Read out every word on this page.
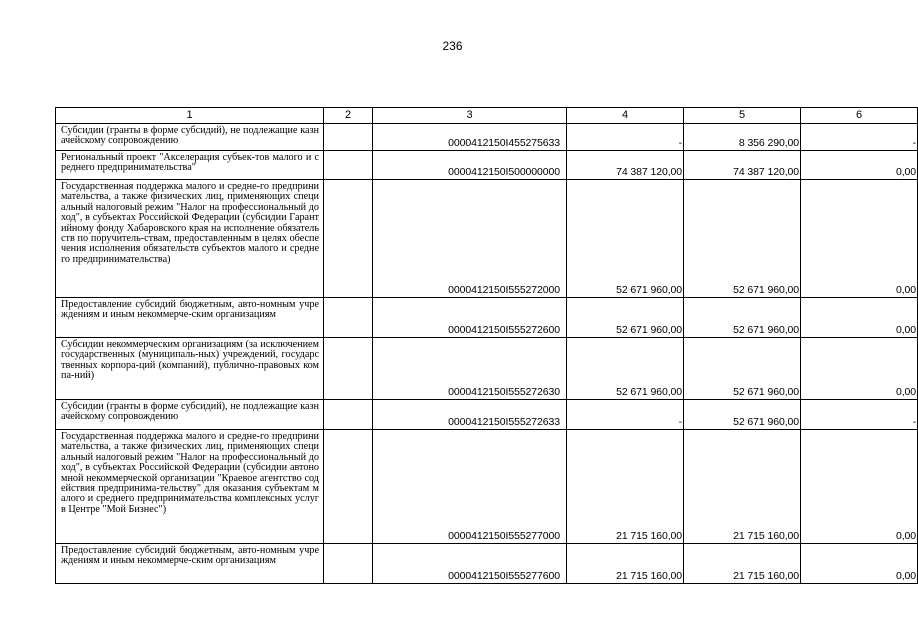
236
1	2	3	4	5	6
Субсидии (гранты в форме субсидий), не подлежащие казначейскому сопровождению		0000412150I455275633	-	8 356 290,00	-
Региональный проект "Акселерация субъек-тов малого и среднего предпринимательства"		0000412150I500000000	74 387 120,00	74 387 120,00	0,00
Государственная поддержка малого и средне-го предпринимательства, а также физических лиц, применяющих специальный налоговый режим "Налог на профессиональный доход", в субъектах Российской Федерации (субсидии Гарантийному фонду Хабаровского края на исполнение обязательств по поручитель-ствам, предоставленным в целях обеспечения исполнения обязательств субъектов малого и среднего предпринимательства)		0000412150I555272000	52 671 960,00	52 671 960,00	0,00
Предоставление субсидий бюджетным, авто-номным учреждениям и иным некоммерче-ским организациям		0000412150I555272600	52 671 960,00	52 671 960,00	0,00
Субсидии некоммерческим организациям (за исключением государственных (муниципаль-ных) учреждений, государственных корпора-ций (компаний), публично-правовых компа-ний)		0000412150I555272630	52 671 960,00	52 671 960,00	0,00
Субсидии (гранты в форме субсидий), не подлежащие казначейскому сопровождению		0000412150I555272633	-	52 671 960,00	-
Государственная поддержка малого и средне-го предпринимательства, а также физических лиц, применяющих специальный налоговый режим "Налог на профессиональный доход", в субъектах Российской Федерации (субсидии автономной некоммерческой организации "Краевое агентство содействия предпринима-тельству" для оказания субъектам малого и среднего предпринимательства комплексных услуг в Центре "Мой Бизнес")		0000412150I555277000	21 715 160,00	21 715 160,00	0,00
Предоставление субсидий бюджетным, авто-номным учреждениям и иным некоммерче-ским организациям		0000412150I555277600	21 715 160,00	21 715 160,00	0,00
